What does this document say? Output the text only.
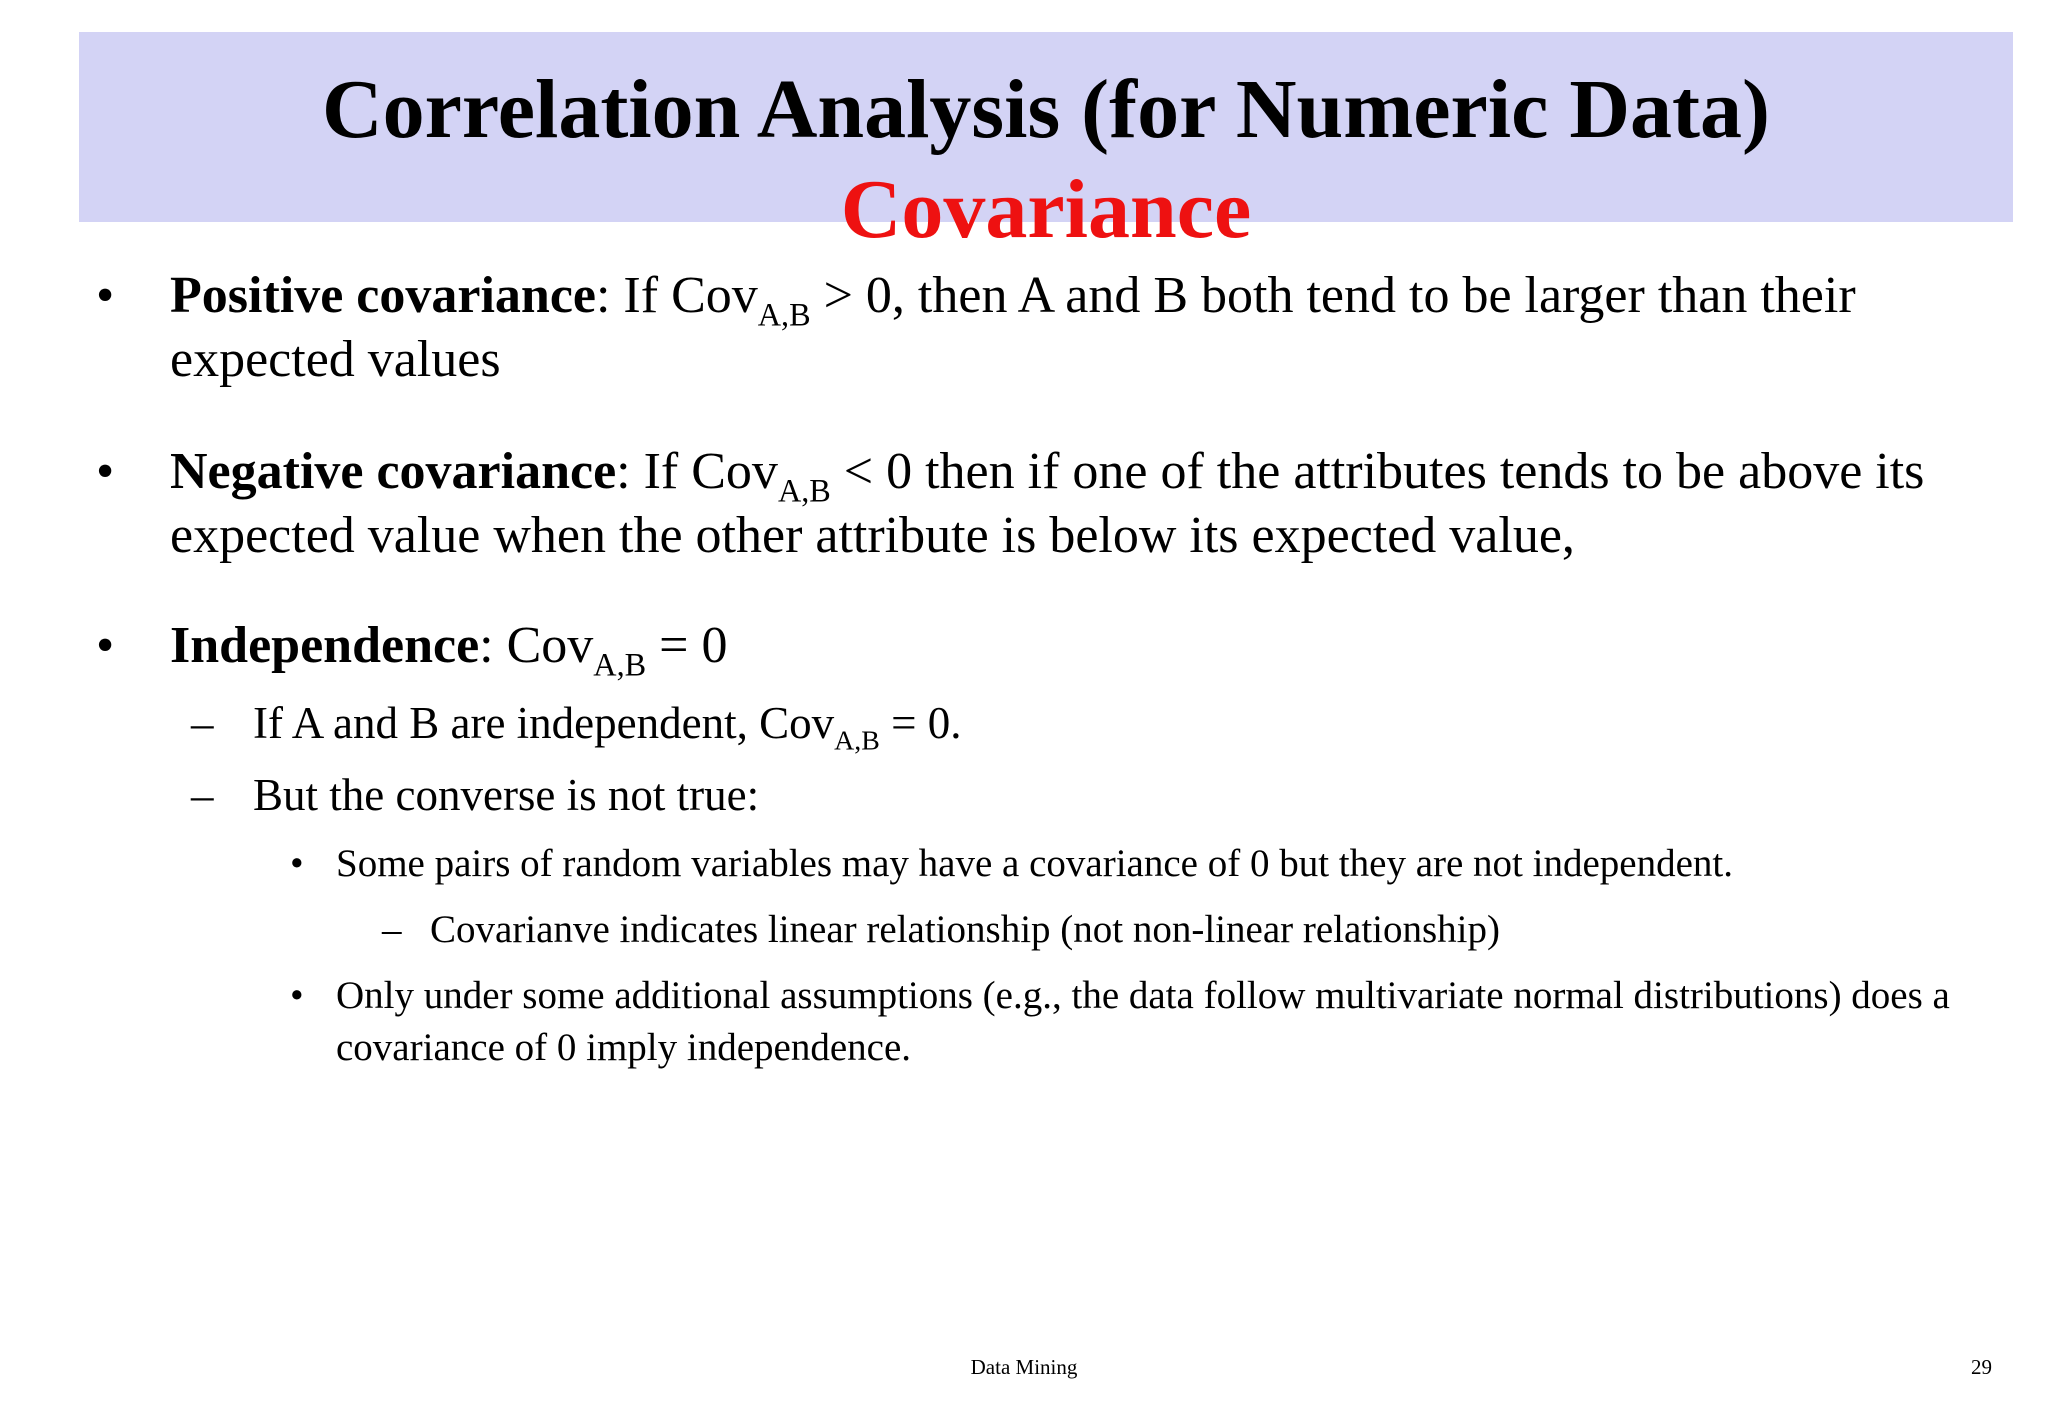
Correlation Analysis (for Numeric Data)
Covariance
• Positive covariance: If Cov$_{A,B}$ > 0, then A and B both tend to be larger than their expected values
• Negative covariance: If Cov$_{A,B}$ < 0 then if one of the attributes tends to be above its expected value when the other attribute is below its expected value,
• Independence: Cov$_{A,B}$ = 0
– If A and B are independent, Cov$_{A,B}$ = 0.
– But the converse is not true:
• Some pairs of random variables may have a covariance of 0 but they are not independent.
– Covarianve indicates linear relationship (not non-linear relationship)
• Only under some additional assumptions (e.g., the data follow multivariate normal distributions) does a covariance of 0 imply independence.
Data Mining	29
